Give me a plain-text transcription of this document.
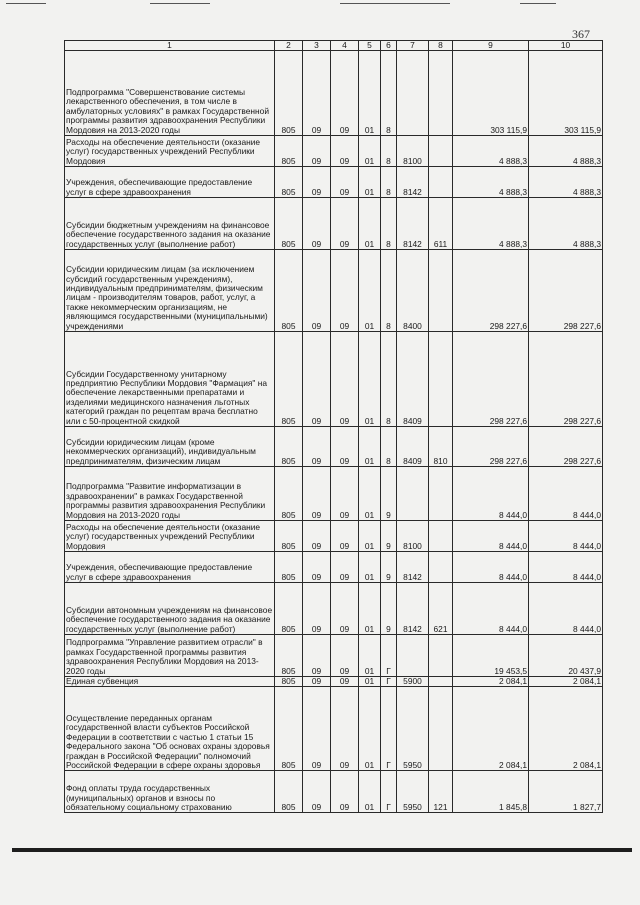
367
1	2	3	4	5	6	7	8	9	10
Подпрограмма "Совершенствование системы лекарственного обеспечения, в том числе в амбулаторных условиях" в рамках Государственной программы развития здравоохранения Республики Мордовия на 2013-2020 годы	805	09	09	01	8			303 115,9	303 115,9
Расходы на обеспечение деятельности (оказание услуг) государственных учреждений Республики Мордовия	805	09	09	01	8	8100		4 888,3	4 888,3
Учреждения, обеспечивающие предоставление услуг в сфере здравоохранения	805	09	09	01	8	8142		4 888,3	4 888,3
Субсидии бюджетным учреждениям на финансовое обеспечение государственного задания на оказание государственных услуг (выполнение работ)	805	09	09	01	8	8142	611	4 888,3	4 888,3
Субсидии юридическим лицам (за исключением субсидий государственным учреждениям), индивидуальным предпринимателям, физическим лицам - производителям товаров, работ, услуг, а также некоммерческим организациям, не являющимся государственными (муниципальными) учреждениями	805	09	09	01	8	8400		298 227,6	298 227,6
Субсидии Государственному унитарному предприятию Республики Мордовия "Фармация" на обеспечение лекарственными препаратами и изделиями медицинского назначения льготных категорий граждан по рецептам врача бесплатно или с 50-процентной скидкой	805	09	09	01	8	8409		298 227,6	298 227,6
Субсидии юридическим лицам (кроме некоммерческих организаций), индивидуальным предпринимателям, физическим лицам	805	09	09	01	8	8409	810	298 227,6	298 227,6
Подпрограмма "Развитие информатизации в здравоохранении" в рамках Государственной программы развития здравоохранения Республики Мордовия на 2013-2020 годы	805	09	09	01	9			8 444,0	8 444,0
Расходы на обеспечение деятельности (оказание услуг) государственных учреждений Республики Мордовия	805	09	09	01	9	8100		8 444,0	8 444,0
Учреждения, обеспечивающие предоставление услуг в сфере здравоохранения	805	09	09	01	9	8142		8 444,0	8 444,0
Субсидии автономным учреждениям на финансовое обеспечение государственного задания на оказание государственных услуг (выполнение работ)	805	09	09	01	9	8142	621	8 444,0	8 444,0
Подпрограмма "Управление развитием отрасли" в рамках Государственной программы развития здравоохранения Республики Мордовия на 2013-2020 годы	805	09	09	01	Г			19 453,5	20 437,9
Единая субвенция	805	09	09	01	Г	5900		2 084,1	2 084,1
Осуществление переданных органам государственной власти субъектов Российской Федерации в соответствии с частью 1 статьи 15 Федерального закона "Об основах охраны здоровья граждан в Российской Федерации" полномочий Российской Федерации в сфере охраны здоровья	805	09	09	01	Г	5950		2 084,1	2 084,1
Фонд оплаты труда государственных (муниципальных) органов и взносы по обязательному социальному страхованию	805	09	09	01	Г	5950	121	1 845,8	1 827,7
